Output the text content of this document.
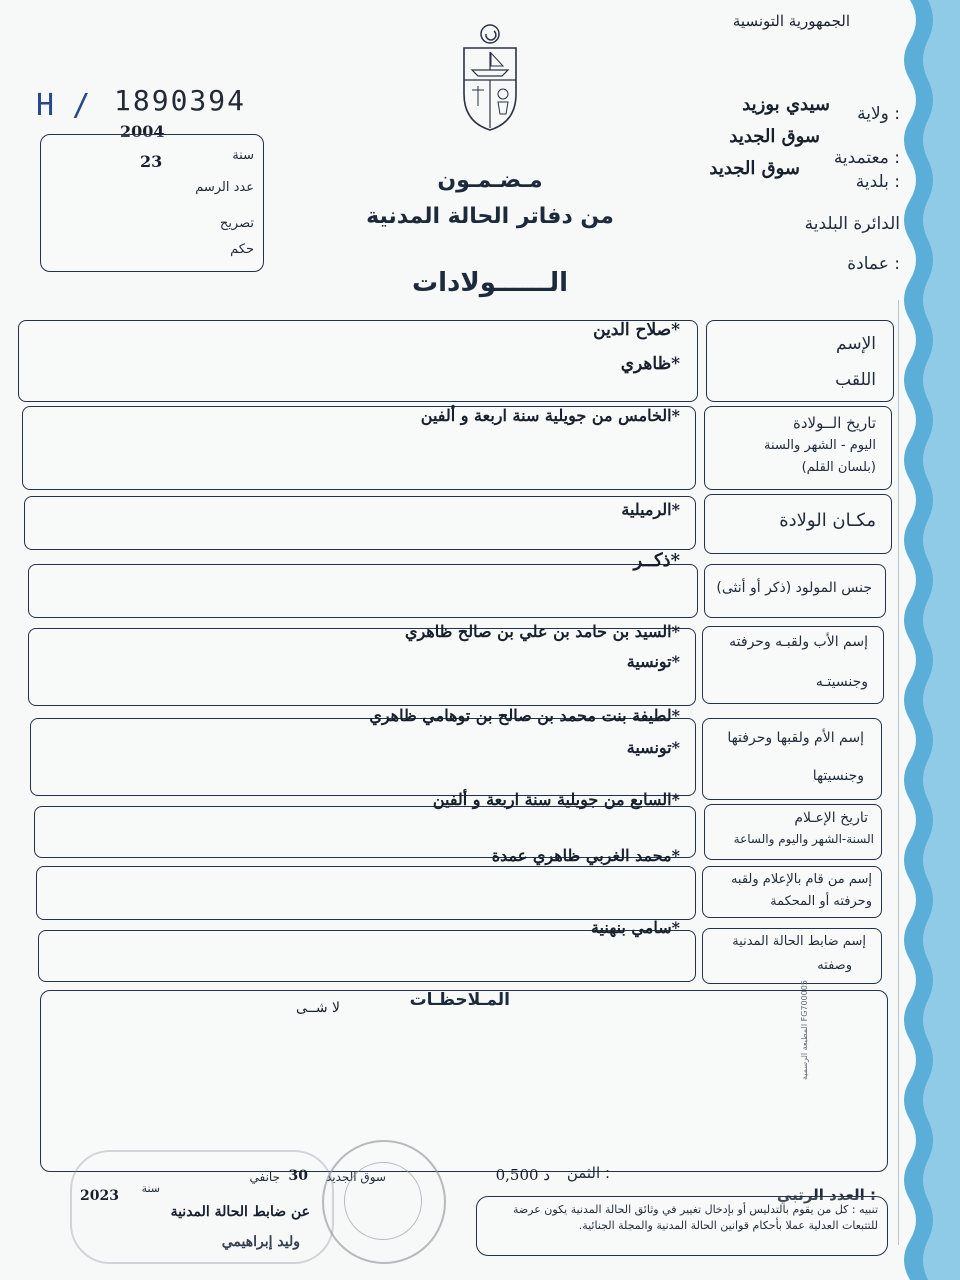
الجمهورية التونسية
ولاية :
سيدي بوزيد
معتمدية :
سوق الجديد
بلدية :
سوق الجديد
الدائرة البلدية
عمادة :
H / 1890394
2004
سنة
23
عدد الرسم
تصريح
حكم
مـضـمـون
من دفاتر الحالة المدنية
الــــــولادات
الإسم
اللقب
صلاح الدين*
ظاهري*
تاريخ الــولادة
اليوم - الشهر والسنة
(بلسان القلم)
الخامس من جويلية سنة اربعة و ألفين*
مكـان الولادة
الرميلية*
جنس المولود (ذكر أو أنثى)
ذكــر*
إسم الأب ولقبـه وحرفته
وجنسيتـه
السيد بن حامد بن علي بن صالح ظاهري*
تونسية*
إسم الأم ولقبها وحرفتها
وجنسيتها
لطيفة بنت محمد بن صالح بن توهامي ظاهري*
تونسية*
تاريخ الإعـلام
السنة-الشهر واليوم والساعة
السابع من جويلية سنة اربعة و ألفين*
إسم من قام بالإعلام ولقبه
وحرفته أو المحكمة
محمد الغربي ظاهري عمدة*
إسم ضابط الحالة المدنية
وصفته
سامي بنهنية*
المـلاحظـات
لا شــى
المطبعة الرسمية FG700005
الثمن :
0,500 د
العدد الرتبي :
سوق الجديد
30
جانفي
سنة
2023
عن ضابط الحالة المدنية
وليد إبراهيمي
تنبيه : كل من يقوم بالتدليس أو بإدخال تغيير في وثائق الحالة المدنية يكون عرضة للتتبعات العدلية عملا بأحكام قوانين الحالة المدنية والمجلة الجنائية.
